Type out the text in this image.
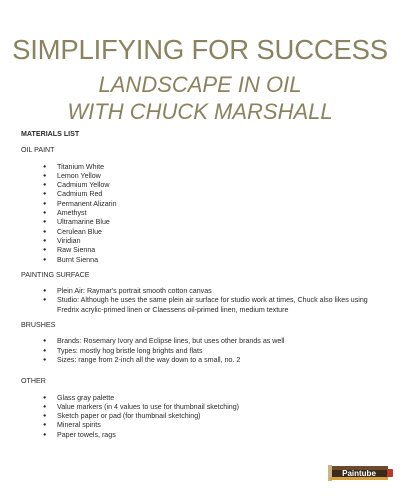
SIMPLIFYING FOR SUCCESS
LANDSCAPE IN OIL
WITH CHUCK MARSHALL
MATERIALS LIST
OIL PAINT
● Titanium White
● Lemon Yellow
● Cadmium Yellow
● Cadmium Red
● Permanent Alizarin
● Amethyst
● Ultramarine Blue
● Cerulean Blue
● Viridian
● Raw Sienna
● Burnt Sienna
PAINTING SURFACE
● Plein Air: Raymar's portrait smooth cotton canvas
● Studio: Although he uses the same plein air surface for studio work at times, Chuck also likes using Fredrix acrylic-primed linen or Claessens oil-primed linen, medium texture
BRUSHES
● Brands: Rosemary Ivory and Eclipse lines, but uses other brands as well
● Types: mostly hog bristle long brights and flats
● Sizes: range from 2-inch all the way down to a small, no. 2
OTHER
● Glass gray palette
● Value markers (in 4 values to use for thumbnail sketching)
● Sketch paper or pad (for thumbnail sketching)
● Mineral spirits
● Paper towels, rags
Paintube
